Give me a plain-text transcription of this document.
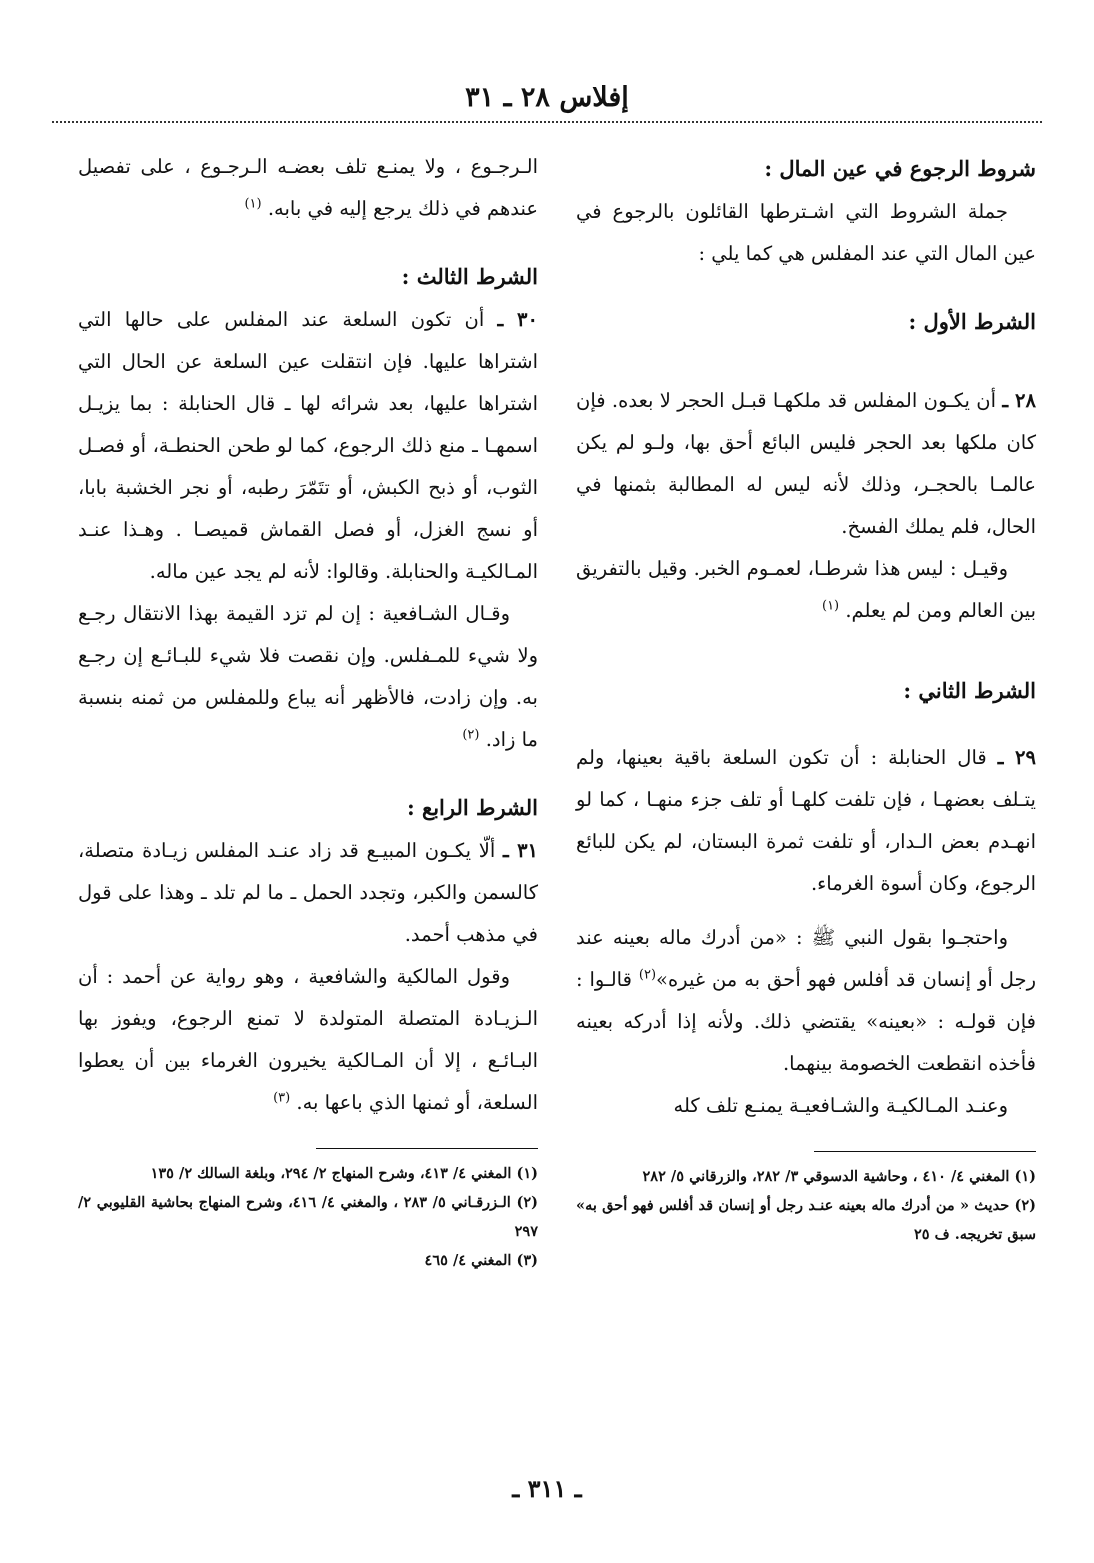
إفلاس ٢٨ ـ ٣١

شروط الرجوع في عين المال :

جملة الشروط التي اشـترطها القائلون بالرجوع في عين المال التي عند المفلس هي كما يلي :

الشرط الأول :

٢٨ ـ أن يكـون المفلس قد ملكهـا قبـل الحجر لا بعده. فإن كان ملكها بعد الحجر فليس البائع أحق بها، ولـو لم يكن عالمـا بالحجـر، وذلك لأنه ليس له المطالبة بثمنها في الحال، فلم يملك الفسخ.

وقيـل : ليس هذا شرطـا، لعمـوم الخبر. وقيل بالتفريق بين العالم ومن لم يعلم. $^{(١)}$

الشرط الثاني :

٢٩ ـ قال الحنابلة : أن تكون السلعة باقية بعينها، ولم يتـلف بعضهـا ، فإن تلفت كلهـا أو تلف جزء منهـا ، كما لو انهـدم بعض الـدار، أو تلفت ثمرة البستان، لم يكن للبائع الرجوع، وكان أسوة الغرماء.

واحتجـوا بقول النبي ﷺ : «من أدرك ماله بعينه عند رجل أو إنسان قد أفلس فهو أحق به من غيره»$^{(٢)}$ قالـوا : فإن قولـه : «بعينه» يقتضي ذلك. ولأنه إذا أدركه بعينه فأخذه انقطعت الخصومة بينهما.

وعنـد المـالكيـة والشـافعيـة يمنـع تلف كله

(١) المغني ٤/ ٤١٠ ، وحاشية الدسوقي ٣/ ٢٨٢، والزرقاني ٥/ ٢٨٢

(٢) حديث « من أدرك ماله بعينه عنـد رجل أو إنسان قد أفلس فهو أحق به» سبق تخريجه. ف ٢٥

الـرجـوع ، ولا يمنـع تلف بعضـه الـرجـوع ، على تفصيل عندهم في ذلك يرجع إليه في بابه. $^{(١)}$

الشرط الثالث :

٣٠ ـ أن تكون السلعة عند المفلس على حالها التي اشتراها عليها. فإن انتقلت عين السلعة عن الحال التي اشتراها عليها، بعد شرائه لها ـ قال الحنابلة : بما يزيـل اسمهـا ـ منع ذلك الرجوع، كما لو طحن الحنطـة، أو فصـل الثوب، أو ذبح الكبش، أو تتَمّرَ رطبه، أو نجر الخشبة بابا، أو نسج الغزل، أو فصل القماش قميصـا . وهـذا عنـد المـالكيـة والحنابلة. وقالوا: لأنه لم يجد عين ماله.

وقـال الشـافعية : إن لم تزد القيمة بهذا الانتقال رجـع ولا شيء للمـفلس. وإن نقصت فلا شيء للبـائـع إن رجـع به. وإن زادت، فالأظهر أنه يباع وللمفلس من ثمنه بنسبة ما زاد. $^{(٢)}$

الشرط الرابع :

٣١ ـ ألّا يكـون المبيـع قد زاد عنـد المفلس زيـادة متصلة، كالسمن والكبر، وتجدد الحمل ـ ما لم تلد ـ وهذا على قول في مذهب أحمد.

وقول المالكية والشافعية ، وهو رواية عن أحمد : أن الـزيـادة المتصلة المتولدة لا تمنع الرجوع، ويفوز بها البـائـع ، إلا أن المـالكية يخيرون الغرماء بين أن يعطوا السلعة، أو ثمنها الذي باعها به. $^{(٣)}$

(١) المغني ٤/ ٤١٣، وشرح المنهاج ٢/ ٢٩٤، وبلغة السالك ٢/ ١٣٥

(٢) الـزرقـاني ٥/ ٢٨٣ ، والمغني ٤/ ٤١٦، وشرح المنهاج بحاشية القليوبي ٢/ ٢٩٧

(٣) المغني ٤/ ٤٦٥

ـ ٣١١ ـ
